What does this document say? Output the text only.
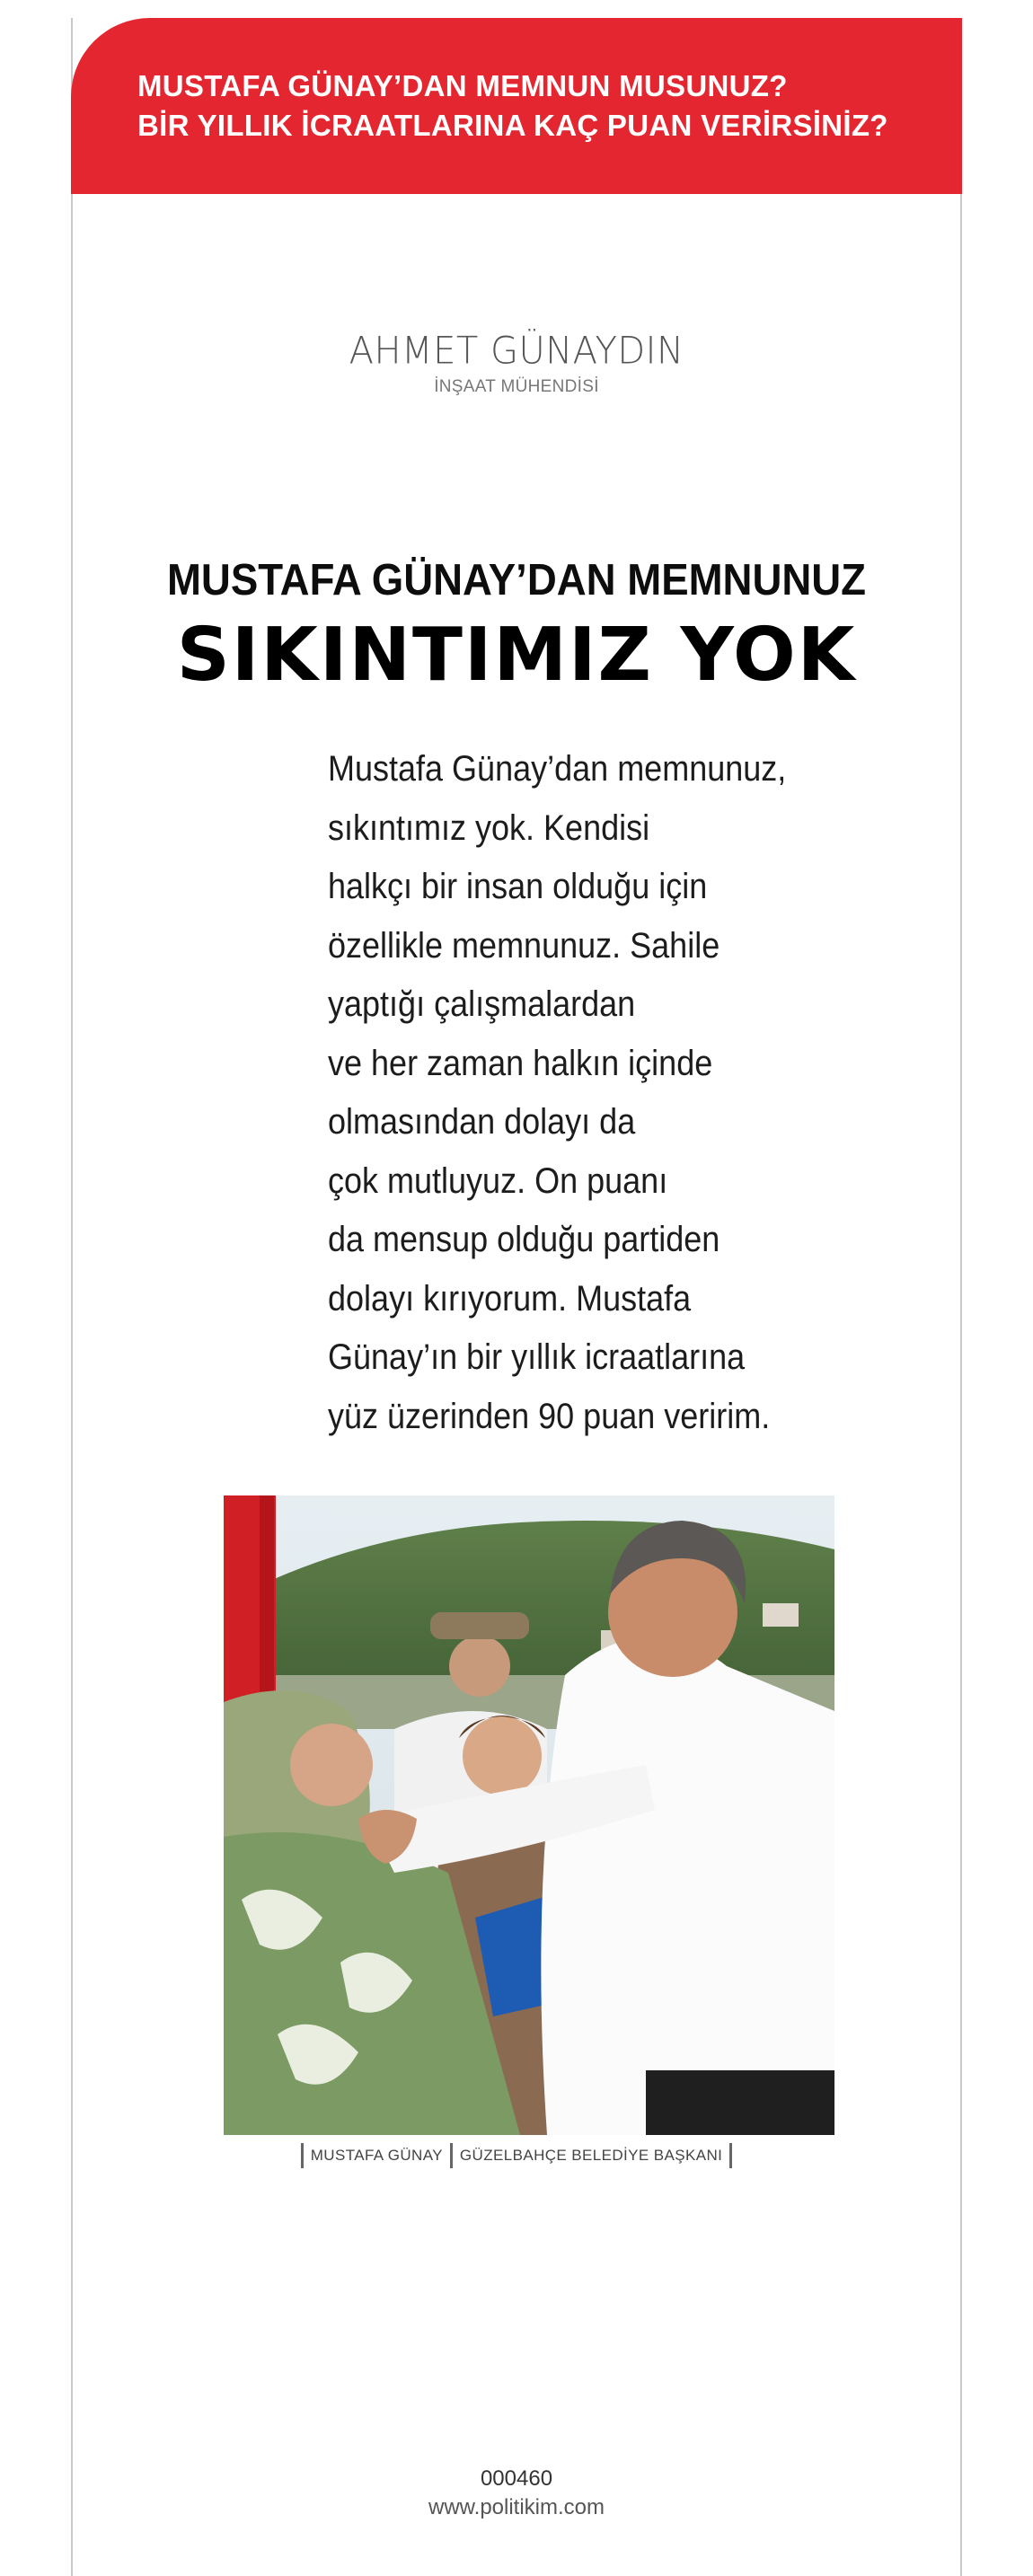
MUSTAFA GÜNAY’DAN MEMNUN MUSUNUZ?
BİR YILLIK İCRAATLARINA KAÇ PUAN VERİRSİNİZ?
AHMET GÜNAYDIN
İNŞAAT MÜHENDİSİ
MUSTAFA GÜNAY’DAN MEMNUNUZ
SIKINTIMIZ YOK
Mustafa Günay’dan memnunuz,
sıkıntımız yok. Kendisi
halkçı bir insan olduğu için
özellikle memnunuz. Sahile
yaptığı çalışmalardan
ve her zaman halkın içinde
olmasından dolayı da
çok mutluyuz. On puanı
da mensup olduğu partiden
dolayı kırıyorum. Mustafa
Günay’ın bir yıllık icraatlarına
yüz üzerinden 90 puan veririm.
MUSTAFA GÜNAY GÜZELBAHÇE BELEDİYE BAŞKANI
000460
www.politikim.com
